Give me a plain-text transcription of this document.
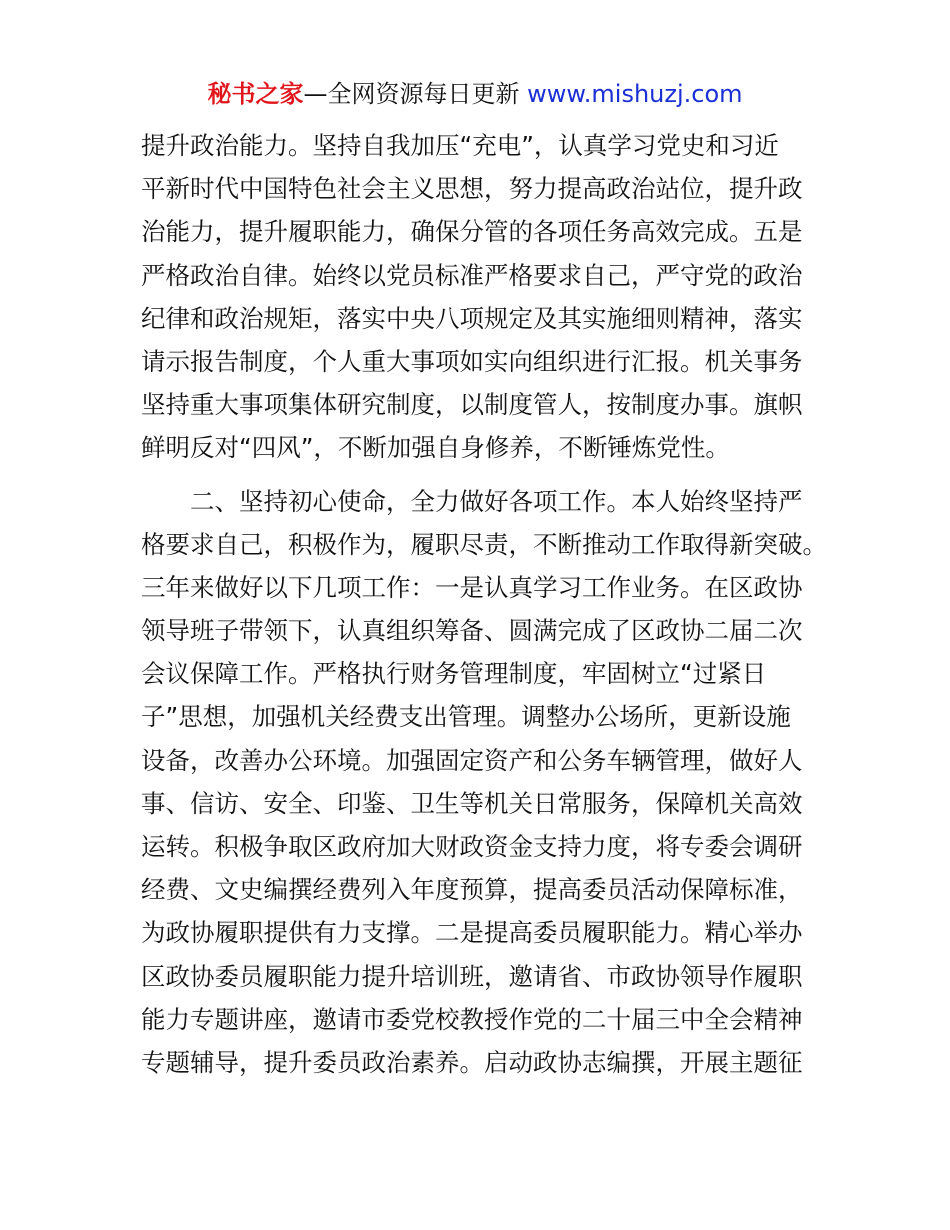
秘书之家—全网资源每日更新 www.mishuzj.com
提升政治能力。坚持自我加压“充电”，认真学习党史和习近
平新时代中国特色社会主义思想，努力提高政治站位，提升政
治能力，提升履职能力，确保分管的各项任务高效完成。五是
严格政治自律。始终以党员标准严格要求自己，严守党的政治
纪律和政治规矩，落实中央八项规定及其实施细则精神，落实
请示报告制度，个人重大事项如实向组织进行汇报。机关事务
坚持重大事项集体研究制度，以制度管人，按制度办事。旗帜
鲜明反对“四风”，不断加强自身修养，不断锤炼党性。
　　二、坚持初心使命，全力做好各项工作。本人始终坚持严
格要求自己，积极作为，履职尽责，不断推动工作取得新突破。
三年来做好以下几项工作：一是认真学习工作业务。在区政协
领导班子带领下，认真组织筹备、圆满完成了区政协二届二次
会议保障工作。严格执行财务管理制度，牢固树立“过紧日
子”思想，加强机关经费支出管理。调整办公场所，更新设施
设备，改善办公环境。加强固定资产和公务车辆管理，做好人
事、信访、安全、印鉴、卫生等机关日常服务，保障机关高效
运转。积极争取区政府加大财政资金支持力度，将专委会调研
经费、文史编撰经费列入年度预算，提高委员活动保障标准，
为政协履职提供有力支撑。二是提高委员履职能力。精心举办
区政协委员履职能力提升培训班，邀请省、市政协领导作履职
能力专题讲座，邀请市委党校教授作党的二十届三中全会精神
专题辅导，提升委员政治素养。启动政协志编撰，开展主题征
